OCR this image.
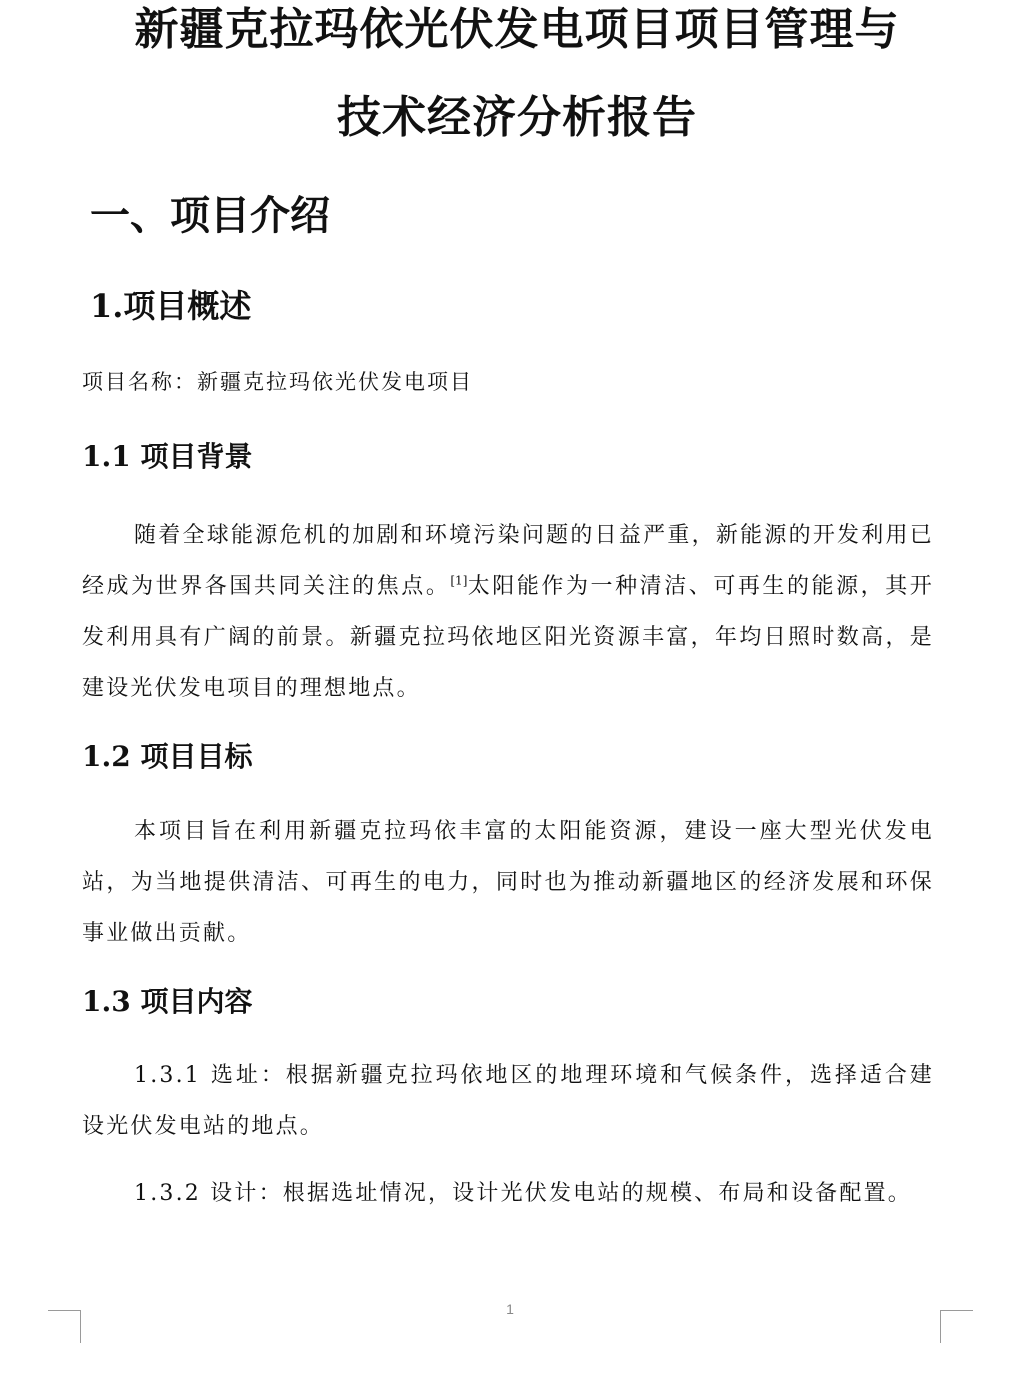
新疆克拉玛依光伏发电项目项目管理与
技术经济分析报告
一、项目介绍
1.项目概述
项目名称：新疆克拉玛依光伏发电项目
1.1 项目背景

随着全球能源危机的加剧和环境污染问题的日益严重，新能源的开发利用已经成为世界各国共同关注的焦点。[1]太阳能作为一种清洁、可再生的能源，其开发利用具有广阔的前景。新疆克拉玛依地区阳光资源丰富，年均日照时数高，是建设光伏发电项目的理想地点。

1.2 项目目标

本项目旨在利用新疆克拉玛依丰富的太阳能资源，建设一座大型光伏发电站，为当地提供清洁、可再生的电力，同时也为推动新疆地区的经济发展和环保事业做出贡献。

1.3 项目内容

1.3.1 选址：根据新疆克拉玛依地区的地理环境和气候条件，选择适合建设光伏发电站的地点。

1.3.2 设计：根据选址情况，设计光伏发电站的规模、布局和设备配置。

1
